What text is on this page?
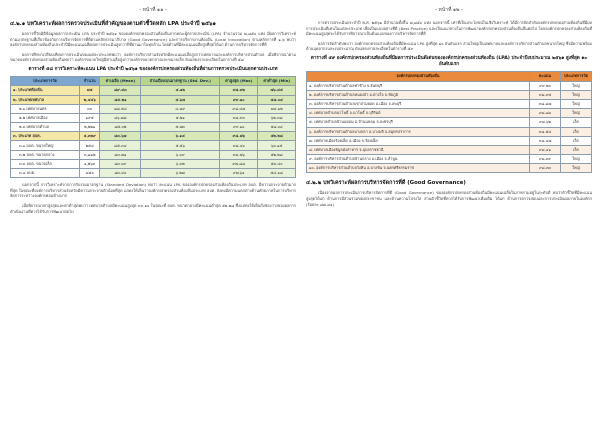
- หน้าที่ ๑๑ -
๔.๒.๑ บทวิเคราะห์ผลการตรวจประเมินที่สำคัญของตามตัวชี้วัดหลัก LPA ประจำปี ๒๕๖๑

ผลการชี้วัดมิติข้อมูลผลการประเมิน LPA ประจำปี ๒๕๖๑ ขององค์กรปกครองส่วนท้องถิ่นจากคณะผู้ตรวจประเมิน (LPA) จำนวนรวม ๗,๘๕๐ แห่ง มีผลการวิเคราะห์ตามมาตรฐานที่เกี่ยวข้องกับการบริหารจัดการที่ดีตามหลักธรรมาภิบาล (Good Governance) และการบริหารงานท้องถิ่น (Local Innovation) ตามหลักการที่ ๑-๖ พบว่าองค์กรปกครองส่วนท้องถิ่นประจำปีมีคะแนนเฉลี่ยผลการประเมินสูงกว่าปีที่ผ่านมาในทุกด้าน โดยด้านที่มีคะแนนเฉลี่ยสูงที่สุดได้แก่ ด้านการบริหารจัดการที่ดี

ผลการศึกษาเปรียบเทียบการประเมินของแต่ละประเภทพบว่า องค์การบริหารส่วนจังหวัดมีคะแนนเฉลี่ยสูงกว่าเทศบาลและองค์การบริหารส่วนตำบล เมื่อพิจารณาตามขนาดองค์กรปกครองส่วนท้องถิ่นพบว่า องค์กรขนาดใหญ่มีค่าเฉลี่ยสูงกว่าองค์กรขนาดกลางและขนาดเล็ก ดังแสดงรายละเอียดในตารางที่ ๕๘

ตารางที่ ๕๘ การวิเคราะห์คะแนน LPA ประจำปี ๒๕๖๑ ขององค์กรปกครองส่วนท้องถิ่นที่ผ่านการตรวจประเมินแยกตามประเภท
ประเภทการวัด	จำนวน	ค่าเฉลี่ย (Mean)	ส่วนเบี่ยงเบนมาตรฐาน (Std. Dev.)	ค่าสูงสุด (Max)	ค่าต่ำสุด (Min)
๑. ประเภทท้องถิ่น	๗๕	๘๙.๔๓	๔.๑๒	๙๘.๓๒	๗๖.๔๕
๒. ประเภทเทศบาล	๒,๔๔๖	๘๕.๒๑	๕.๖๗	๙๙.๑๐	๕๘.๐๔
๒.๑ เทศบาลนคร	๓๐	๘๘.๕๔	๔.๘๙	๙๘.๔๗	๗๔.๑๒
๒.๒ เทศบาลเมือง	๑๙๕	๘๖.๗๘	๕.๒๑	๙๘.๙๓	๖๒.๓๘
๒.๓ เทศบาลตำบล	๒,๒๒๑	๘๕.๐๒	๕.๗๓	๙๙.๑๐	๕๘.๐๔
๓. ประเภท อบต.	๕,๓๒๙	๘๓.๖๗	๖.๑๔	๙๘.๗๖	๕๒.๒๘
๓.๑ อบต. ขนาดใหญ่	๒๕๔	๘๕.๓๔	๕.๕๖	๙๘.๔๐	๖๓.๑๕
๓.๒ อบต. ขนาดกลาง	๓,๘๑๒	๘๓.๗๑	๖.๐๙	๙๘.๗๖	๕๒.๒๘
๓.๓ อบต. ขนาดเล็ก	๑,๒๖๓	๘๓.๐๙	๖.๓๒	๙๗.๘๘	๕๓.๔๐
๓.๔ อบต.	๘๕๐	๘๓.๔๐	๖.๒๗	๙๗.๖๑	๕๔.๑๘

นอกจากนี้ การวิเคราะห์จากการรับรองมาตรฐาน (Standard Deviation) พบว่า คะแนน LPA ขององค์กรปกครองส่วนท้องถิ่นประเภท อบต. มีความกระจายตัวมากที่สุด ในขณะที่องค์การบริหารส่วนจังหวัดมีความกระจายตัวน้อยที่สุด แสดงให้เห็นว่าองค์กรปกครองส่วนท้องถิ่นประเภท อบต. ยังคงมีความแตกต่างด้านศักยภาพในการบริหารจัดการระหว่างองค์กรค่อนข้างมาก

เมื่อพิจารณาค่าสูงสุดและค่าต่ำสุดพบว่า เทศบาลตำบลมีคะแนนสูงสุด ๙๙.๑๐ ในขณะที่ อบต. ขนาดกลางมีคะแนนต่ำสุด ๕๒.๒๘ ซึ่งแสดงให้เห็นถึงช่องว่างของผลการดำเนินงานที่ควรได้รับการพัฒนาต่อไป

- หน้าที่ ๑๒ -

การตรวจประเมินประจำปี พ.ศ. ๒๕๖๑ มีจำนวนทั้งสิ้น ๗,๘๕๐ แห่ง นอกจากนี้ เท่าที่เป็นประโยชน์ในเชิงวิเคราะห์ ได้มีการจัดลำดับองค์กรปกครองส่วนท้องถิ่นที่มีผลการประเมินดีเด่นในแต่ละประเภท เพื่อเป็นแบบอย่างที่ดี (Best Practice) และเป็นแนวทางในการพัฒนาองค์กรปกครองส่วนท้องถิ่นอื่นต่อไป โดยองค์กรปกครองส่วนท้องถิ่นที่มีคะแนนสูงสุดจะได้รับการพิจารณาเป็นต้นแบบของการบริหารจัดการที่ดี

ผลการจัดลำดับพบว่า องค์กรปกครองส่วนท้องถิ่นที่มีคะแนน LPA สูงที่สุด ๑๐ อันดับแรก ส่วนใหญ่เป็นเทศบาลและองค์การบริหารส่วนตำบลขนาดใหญ่ ซึ่งมีความพร้อมด้านบุคลากรและงบประมาณ ดังแสดงรายละเอียดในตารางที่ ๕๙

ตารางที่ ๕๙ องค์กรปกครองส่วนท้องถิ่นที่มีผลการประเมินดีเด่นขององค์กรปกครองส่วนท้องถิ่น (LPA) ประจำปีงบประมาณ ๒๕๖๑ สูงที่สุด ๑๐ อันดับแรก
องค์กรปกครองส่วนท้องถิ่น	คะแนน	ประเภทการวัด
๑. องค์การบริหารส่วนตำบลท่าช้าง จ.จันทบุรี	๙๙.๒๐	ใหญ่
๒. องค์การบริหารส่วนตำบลหนองบัว อ.ต่างใจ จ.ชัยภูมิ	๙๘.๙๕	ใหญ่
๓. องค์การบริหารส่วนตำบลเขาสามยอด อ.เมือง จ.ลพบุรี	๙๘.๘๗	ใหญ่
๔. เทศบาลตำบลนาโพธิ์ อ.นาโพธิ์ จ.บุรีรัมย์	๙๘.๘๐	ใหญ่
๕. เทศบาลตำบลบ้านแหลม อ.บ้านแหลม จ.เพชรบุรี	๙๘.๖๒	เล็ก
๖. องค์การบริหารส่วนตำบลบางปลา อ.บางพลี จ.สมุทรปราการ	๙๘.๕๔	เล็ก
๗. เทศบาลเมืองร้อยเอ็ด อ.เมือง จ.ร้อยเอ็ด	๙๘.๔๗	เล็ก
๘. เทศบาลเมืองพิบูลมังสาหาร จ.อุบลราชธานี	๙๘.๔๑	เล็ก
๙. องค์การบริหารส่วนตำบลบ้านกลาง อ.เมือง จ.ลำพูน	๙๘.๓๙	ใหญ่
๑๐. องค์การบริหารส่วนตำบลวังหิน อ.บางขัน จ.นครศรีธรรมราช	๙๘.๓๓	ใหญ่
๔.๒.๒ บทวิเคราะห์ผลการบริหารจัดการที่ดี (Good Governance)

เนื่องจากผลการประเมินการบริหารจัดการที่ดี (Good Governance) ขององค์กรปกครองส่วนท้องถิ่นมีคะแนนเฉลี่ยในภาพรวมอยู่ในระดับดี พบว่าตัวชี้วัดที่มีคะแนนสูงสุดได้แก่ ด้านการมีส่วนร่วมของประชาชน และด้านความโปร่งใส ส่วนตัวชี้วัดที่ควรได้รับการพัฒนาเพิ่มเติม ได้แก่ ด้านการตรวจสอบและการประเมินผลภายในองค์กร (ร้อยละ ๘๗.๔๑)
